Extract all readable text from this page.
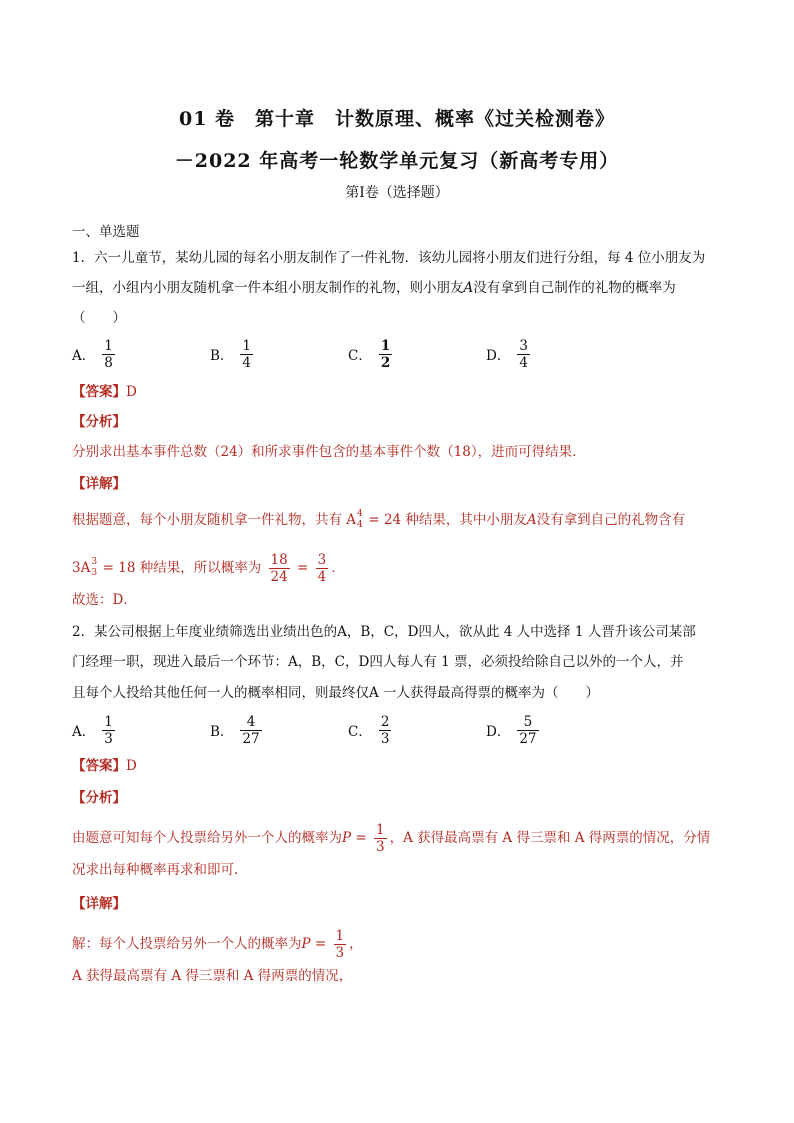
01 卷　第十章　计数原理、概率《过关检测卷》
－2022 年高考一轮数学单元复习（新高考专用）
第Ⅰ卷（选择题）
一、单选题
1．六一儿童节，某幼儿园的每名小朋友制作了一件礼物．该幼儿园将小朋友们进行分组，每 4 位小朋友为
一组，小组内小朋友随机拿一件本组小朋友制作的礼物，则小朋友A没有拿到自己制作的礼物的概率为
（　　）
A． $\frac{1}{8}$	B． $\frac{1}{4}$	C． $\frac{1}{2}$	D． $\frac{3}{4}$
【答案】D
【分析】
分别求出基本事件总数（24）和所求事件包含的基本事件个数（18），进而可得结果.
【详解】
根据题意，每个小朋友随机拿一件礼物，共有 A 4
4 = 24 种结果，其中小朋友A没有拿到自己的礼物含有
3A 3
3 = 18 种结果，所以概率为 $\frac{18}{24} = \frac{3}{4}$ ．
故选：D．
2．某公司根据上年度业绩筛选出业绩出色的A，B，C，D四人，欲从此 4 人中选择 1 人晋升该公司某部
门经理一职，现进入最后一个环节：A，B，C，D四人每人有 1 票，必须投给除自己以外的一个人，并
且每个人投给其他任何一人的概率相同，则最终仅A 一人获得最高得票的概率为（　　）
A． $\frac{1}{3}$	B． $\frac{4}{27}$	C． $\frac{2}{3}$	D． $\frac{5}{27}$
【答案】D
【分析】
由题意可知每个人投票给另外一个人的概率为$P = \frac{1}{3}$ ，A 获得最高票有 A 得三票和 A 得两票的情况，分情
况求出每种概率再求和即可.
【详解】
解：每个人投票给另外一个人的概率为$P = \frac{1}{3}$ ，
A 获得最高票有 A 得三票和 A 得两票的情况，
